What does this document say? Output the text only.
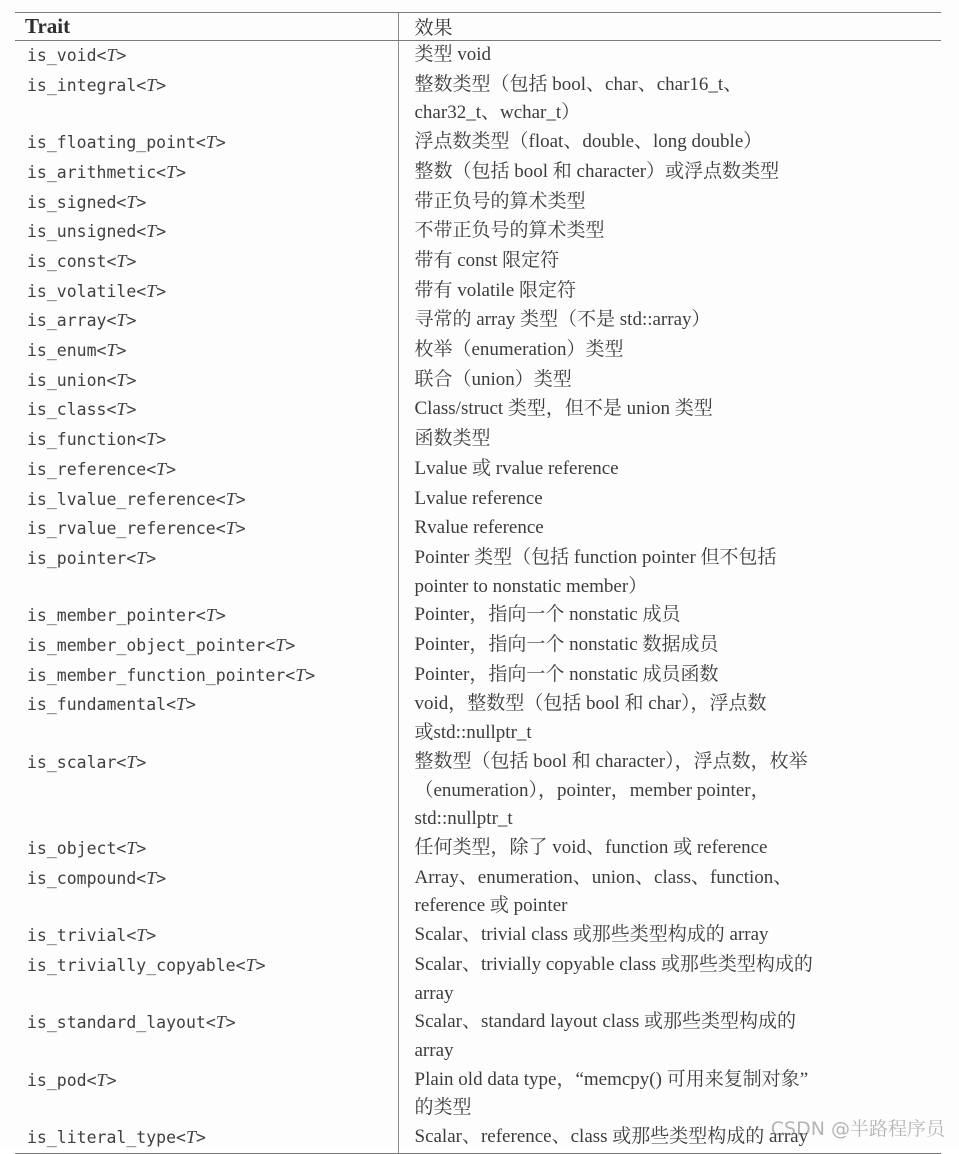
Trait	效果
is_void<T>	类型 void

is_integral<T>	整数类型（包括 bool、char、char16_t、
char32_t、wchar_t）

is_floating_point<T>	浮点数类型（float、double、long double）

is_arithmetic<T>	整数（包括 bool 和 character）或浮点数类型

is_signed<T>	带正负号的算术类型

is_unsigned<T>	不带正负号的算术类型

is_const<T>	带有 const 限定符

is_volatile<T>	带有 volatile 限定符

is_array<T>	寻常的 array 类型（不是 std::array）

is_enum<T>	枚举（enumeration）类型

is_union<T>	联合（union）类型

is_class<T>	Class/struct 类型，但不是 union 类型

is_function<T>	函数类型

is_reference<T>	Lvalue 或 rvalue reference

is_lvalue_reference<T>	Lvalue reference

is_rvalue_reference<T>	Rvalue reference

is_pointer<T>	Pointer 类型（包括 function pointer 但不包括
pointer to nonstatic member）

is_member_pointer<T>	Pointer，指向一个 nonstatic 成员

is_member_object_pointer<T>	Pointer，指向一个 nonstatic 数据成员

is_member_function_pointer<T>	Pointer，指向一个 nonstatic 成员函数

is_fundamental<T>	void，整数型（包括 bool 和 char），浮点数
或std::nullptr_t

is_scalar<T>	整数型（包括 bool 和 character），浮点数，枚举
（enumeration），pointer，member pointer，
std::nullptr_t

is_object<T>	任何类型，除了 void、function 或 reference

is_compound<T>	Array、enumeration、union、class、function、
reference 或 pointer

is_trivial<T>	Scalar、trivial class 或那些类型构成的 array

is_trivially_copyable<T>	Scalar、trivially copyable class 或那些类型构成的
array

is_standard_layout<T>	Scalar、standard layout class 或那些类型构成的
array

is_pod<T>	Plain old data type，“memcpy() 可用来复制对象”
的类型

is_literal_type<T>	Scalar、reference、class 或那些类型构成的 array
CSDN @半路程序员
